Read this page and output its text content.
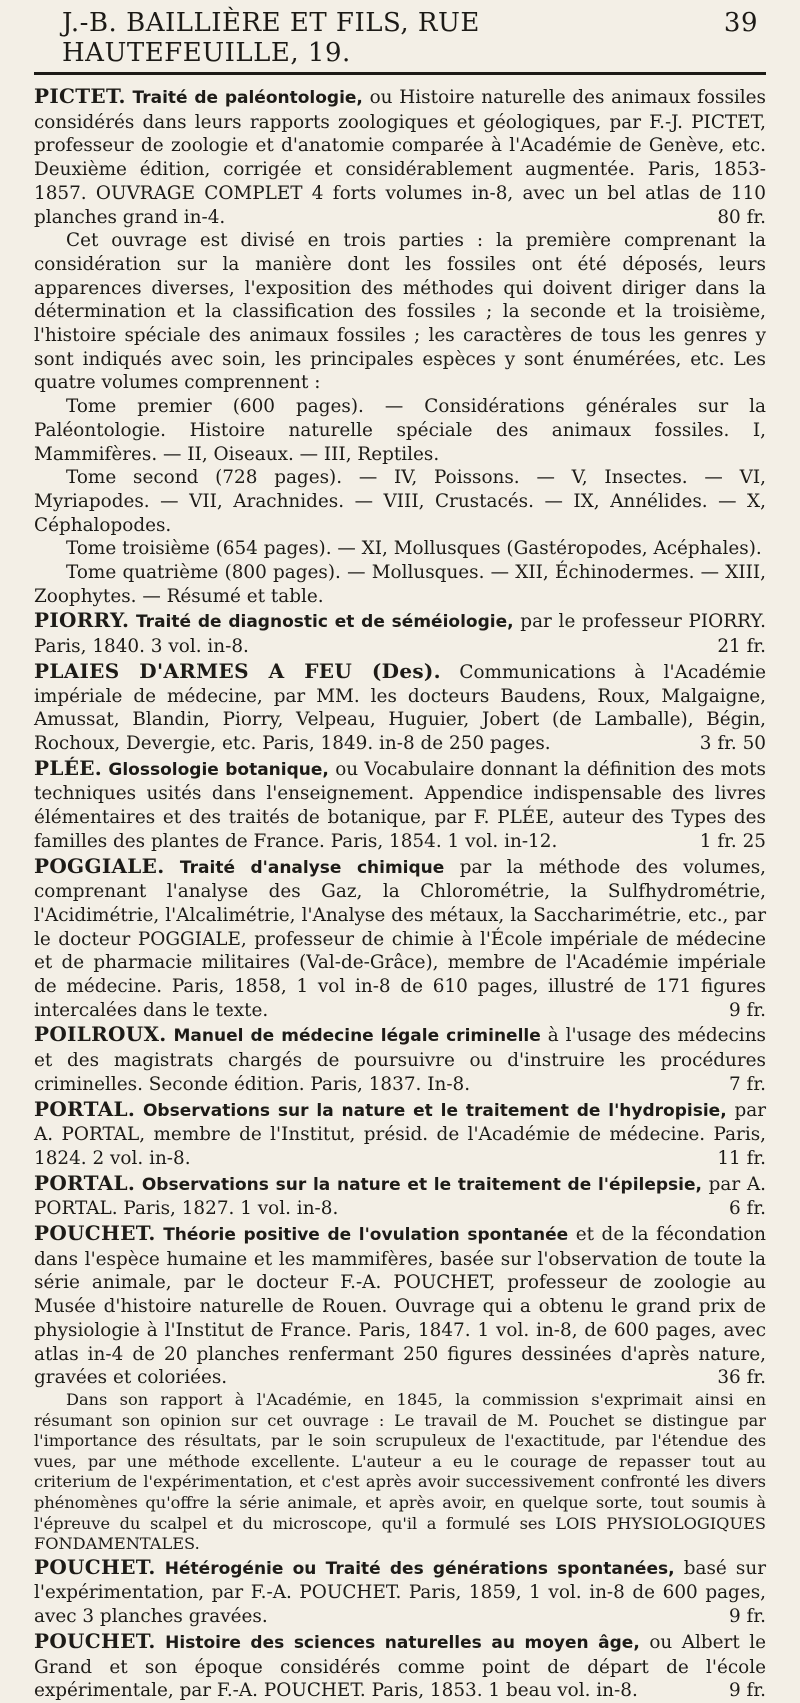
J.-B. BAILLIÈRE ET FILS, RUE HAUTEFEUILLE, 19.
39

PICTET. Traité de paléontologie, ou Histoire naturelle des animaux fossiles considérés dans leurs rapports zoologiques et géologiques, par F.-J. PICTET, professeur de zoologie et d'anatomie comparée à l'Académie de Genève, etc. Deuxième édition, corrigée et considérablement augmentée. Paris, 1853-1857. OUVRAGE COMPLET 4 forts volumes in-8, avec un bel atlas de 110 planches grand in-4.	80 fr.

Cet ouvrage est divisé en trois parties : la première comprenant la considération sur la manière dont les fossiles ont été déposés, leurs apparences diverses, l'exposition des méthodes qui doivent diriger dans la détermination et la classification des fossiles ; la seconde et la troisième, l'histoire spéciale des animaux fossiles ; les caractères de tous les genres y sont indiqués avec soin, les principales espèces y sont énumérées, etc. Les quatre volumes comprennent :

Tome premier (600 pages). — Considérations générales sur la Paléontologie. Histoire naturelle spéciale des animaux fossiles. I, Mammifères. — II, Oiseaux. — III, Reptiles.

Tome second (728 pages). — IV, Poissons. — V, Insectes. — VI, Myriapodes. — VII, Arachnides. — VIII, Crustacés. — IX, Annélides. — X, Céphalopodes.

Tome troisième (654 pages). — XI, Mollusques (Gastéropodes, Acéphales).

Tome quatrième (800 pages). — Mollusques. — XII, Échinodermes. — XIII, Zoophytes. — Résumé et table.

PIORRY. Traité de diagnostic et de séméiologie, par le professeur PIORRY. Paris, 1840. 3 vol. in-8.	21 fr.

PLAIES D'ARMES A FEU (Des). Communications à l'Académie impériale de médecine, par MM. les docteurs Baudens, Roux, Malgaigne, Amussat, Blandin, Piorry, Velpeau, Huguier, Jobert (de Lamballe), Bégin, Rochoux, Devergie, etc. Paris, 1849. in-8 de 250 pages.	3 fr. 50

PLÉE. Glossologie botanique, ou Vocabulaire donnant la définition des mots techniques usités dans l'enseignement. Appendice indispensable des livres élémentaires et des traités de botanique, par F. PLÉE, auteur des Types des familles des plantes de France. Paris, 1854. 1 vol. in-12.	1 fr. 25

POGGIALE. Traité d'analyse chimique par la méthode des volumes, comprenant l'analyse des Gaz, la Chlorométrie, la Sulfhydrométrie, l'Acidimétrie, l'Alcalimétrie, l'Analyse des métaux, la Saccharimétrie, etc., par le docteur POGGIALE, professeur de chimie à l'École impériale de médecine et de pharmacie militaires (Val-de-Grâce), membre de l'Académie impériale de médecine. Paris, 1858, 1 vol in-8 de 610 pages, illustré de 171 figures intercalées dans le texte.	9 fr.

POILROUX. Manuel de médecine légale criminelle à l'usage des médecins et des magistrats chargés de poursuivre ou d'instruire les procédures criminelles. Seconde édition. Paris, 1837. In-8.	7 fr.

PORTAL. Observations sur la nature et le traitement de l'hydropisie, par A. PORTAL, membre de l'Institut, présid. de l'Académie de médecine. Paris, 1824. 2 vol. in-8.	11 fr.

PORTAL. Observations sur la nature et le traitement de l'épilepsie, par A. PORTAL. Paris, 1827. 1 vol. in-8.	6 fr.

POUCHET. Théorie positive de l'ovulation spontanée et de la fécondation dans l'espèce humaine et les mammifères, basée sur l'observation de toute la série animale, par le docteur F.-A. POUCHET, professeur de zoologie au Musée d'histoire naturelle de Rouen. Ouvrage qui a obtenu le grand prix de physiologie à l'Institut de France. Paris, 1847. 1 vol. in-8, de 600 pages, avec atlas in-4 de 20 planches renfermant 250 figures dessinées d'après nature, gravées et coloriées.	36 fr.

Dans son rapport à l'Académie, en 1845, la commission s'exprimait ainsi en résumant son opinion sur cet ouvrage : Le travail de M. Pouchet se distingue par l'importance des résultats, par le soin scrupuleux de l'exactitude, par l'étendue des vues, par une méthode excellente. L'auteur a eu le courage de repasser tout au criterium de l'expérimentation, et c'est après avoir successivement confronté les divers phénomènes qu'offre la série animale, et après avoir, en quelque sorte, tout soumis à l'épreuve du scalpel et du microscope, qu'il a formulé ses LOIS PHYSIOLOGIQUES FONDAMENTALES.

POUCHET. Hétérogénie ou Traité des générations spontanées, basé sur l'expérimentation, par F.-A. POUCHET. Paris, 1859, 1 vol. in-8 de 600 pages, avec 3 planches gravées.	9 fr.

POUCHET. Histoire des sciences naturelles au moyen âge, ou Albert le Grand et son époque considérés comme point de départ de l'école expérimentale, par F.-A. POUCHET. Paris, 1853. 1 beau vol. in-8.	9 fr.
